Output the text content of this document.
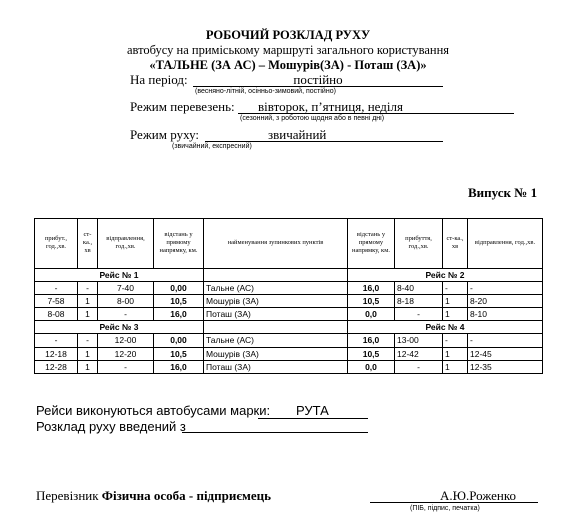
РОБОЧИЙ РОЗКЛАД РУХУ
автобусу на приміському маршруті загального користування
«ТАЛЬНЕ (ЗА АС) – Мошурів(ЗА) - Поташ (ЗА)»
На період:	постійно
(весняно-літній, осінньо-зимовий, постійно)
Режим перевезень: вівторок, п’ятниця, неділя
(сезонний, з роботою щодня або в певні дні)
Режим руху:	звичайний
(звичайний, експресний)
Випуск № 1
прибут., год.,хв.	ст-ка., хв	відправлення, год.,хв.	відстань у прямому напрямку, км.	найменування зупинкових пунктів	відстань у прямому напрямку, км.	прибуття, год.,хв.	ст-ка., хв	відправлення, год.,хв.
Рейс № 1					Рейс № 2			
-	-	7-40	0,00	Тальне (АС)	16,0	8-40	-	-
7-58	1	8-00	10,5	Мошурів (ЗА)	10,5	8-18	1	8-20
8-08	1	-	16,0	Поташ (ЗА)	0,0	-	1	8-10
Рейс № 3					Рейс № 4			
-	-	12-00	0,00	Тальне (АС)	16,0	13-00	-	-
12-18	1	12-20	10,5	Мошурів (ЗА)	10,5	12-42	1	12-45
12-28	1	-	16,0	Поташ (ЗА)	0,0	-	1	12-35
Рейси виконуються автобусами марки: РУТА
Розклад руху введений з
Перевізник Фізична особа - підприємець	А.Ю.Роженко
(ПІБ, підпис, печатка)
